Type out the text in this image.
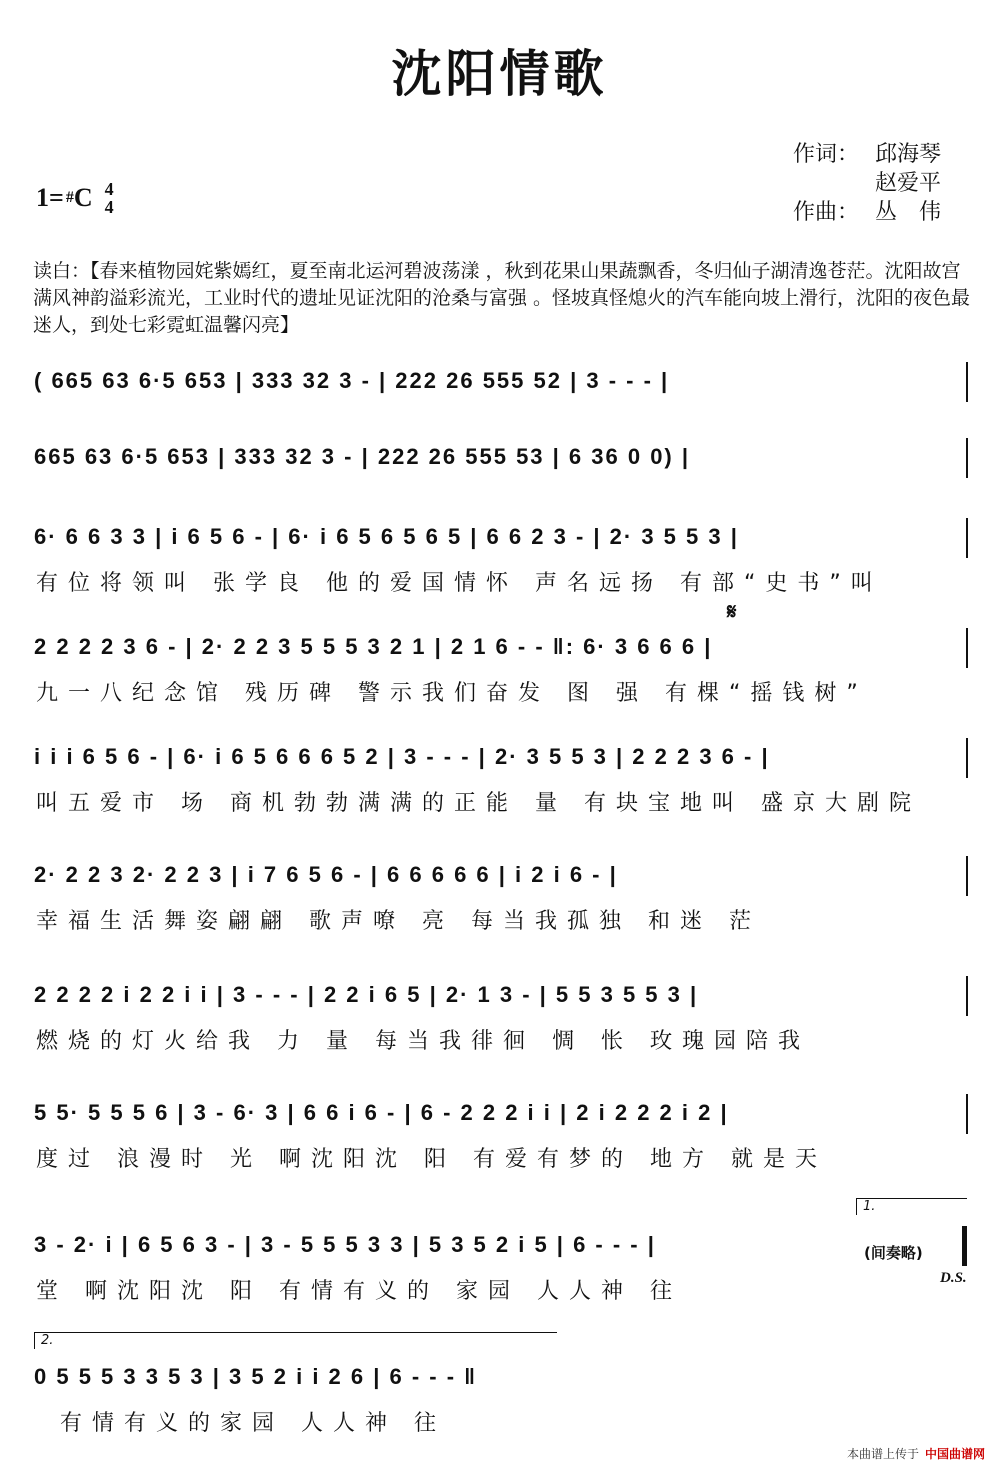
沈阳情歌
1= # C 4
4
作词： 邱海琴
赵爱平
作曲： 丛　伟
读白：【春来植物园姹紫嫣红，夏至南北运河碧波荡漾 ，秋到花果山果蔬飘香，冬归仙子湖清逸苍茫。沈阳故宫满风神韵溢彩流光，工业时代的遗址见证沈阳的沧桑与富强 。怪坡真怪熄火的汽车能向坡上滑行，沈阳的夜色最迷人，到处七彩霓虹温馨闪亮】
( 665 63 6·5 653 | 333 32 3 - | 222 26 555 52 | 3 - - - |
665 63 6·5 653 | 333 32 3 - | 222 26 555 53 | 6 36 0 0) |
6· 6 6 3 3 | i 6 5 6 - | 6· i 6 5 6 5 6 5 | 6 6 2 3 - | 2· 3 5 5 3 |
有位将领叫 张学良 他的爱国情怀 声名远扬 有部“史书”叫
𝄋
2 2 2 2 3 6 - | 2· 2 2 3 5 5 5 3 2 1 | 2 1 6 - - ‖: 6· 3 6 6 6 |
九一八纪念馆 残历碑 警示我们奋发 图 强 有棵“摇钱树”
i i i 6 5 6 - | 6· i 6 5 6 6 6 5 2 | 3 - - - | 2· 3 5 5 3 | 2 2 2 3 6 - |
叫五爱市 场 商机勃勃满满的正能 量 有块宝地叫 盛京大剧院
2· 2 2 3 2· 2 2 3 | i 7 6 5 6 - | 6 6 6 6 6 | i 2 i 6 - |
幸福生活舞姿翩翩 歌声嘹 亮 每当我孤独 和迷 茫
2 2 2 2 i 2 2 i i | 3 - - - | 2 2 i 6 5 | 2· 1 3 - | 5 5 3 5 5 3 |
燃烧的灯火给我 力 量 每当我徘徊 惆 怅 玫瑰园陪我
5 5· 5 5 5 6 | 3 - 6· 3 | 6 6 i 6 - | 6 - 2 2 2 i i | 2 i 2 2 2 i 2 |
度过 浪漫时 光 啊沈阳沈 阳 有爱有梦的 地方 就是天
3 - 2· i | 6 5 6 3 - | 3 - 5 5 5 3 3 | 5 3 5 2 i 5 | 6 - - - |
堂 啊沈阳沈 阳 有情有义的 家园 人人神 往
1.
(间奏略)
D.S.
2.
0 5 5 5 3 3 5 3 | 3 5 2 i i 2 6 | 6 - - - ‖
有情有义的家园 人人神 往
本曲谱上传于 中国曲谱网
